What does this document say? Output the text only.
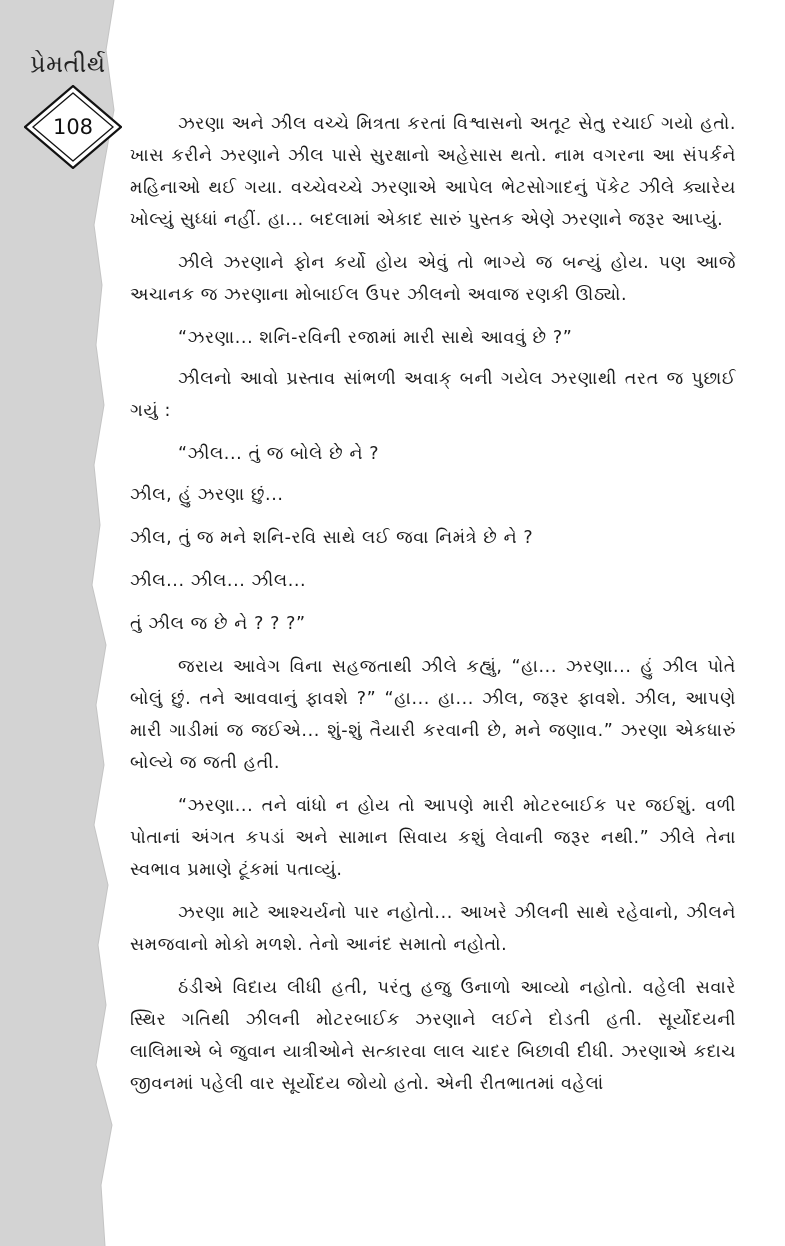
પ્રેમતીર્થ
108	ઝરણા અને ઝીલ વચ્ચે મિત્રતા કરતાં વિશ્વાસનો અતૂટ સેતુ રચાઈ ગયો હતો. ખાસ કરીને ઝરણાને ઝીલ પાસે સુરક્ષાનો અહેસાસ થતો. નામ વગરના આ સંપર્કને મહિનાઓ થઈ ગયા. વચ્ચેવચ્ચે ઝરણાએ આપેલ ભેટસોગાદનું પૅકેટ ઝીલે ક્યારેય ખોલ્યું સુધ્ધાં નહીં. હા... બદલામાં એકાદ સારું પુસ્તક એણે ઝરણાને જરૂર આપ્યું.

ઝીલે ઝરણાને ફોન કર્યો હોય એવું તો ભાગ્યે જ બન્યું હોય. પણ આજે અચાનક જ ઝરણાના મોબાઈલ ઉપર ઝીલનો અવાજ રણકી ઊઠ્યો.

“ઝરણા... શનિ-રવિની રજામાં મારી સાથે આવવું છે ?”

ઝીલનો આવો પ્રસ્તાવ સાંભળી અવાક્ બની ગયેલ ઝરણાથી તરત જ પુછાઈ ગયું :

“ઝીલ... તું જ બોલે છે ને ?

ઝીલ, હું ઝરણા છું...

ઝીલ, તું જ મને શનિ-રવિ સાથે લઈ જવા નિમંત્રે છે ને ?

ઝીલ... ઝીલ... ઝીલ...

તું ઝીલ જ છે ને ? ? ?”

જરાય આવેગ વિના સહજતાથી ઝીલે કહ્યું, “હા... ઝરણા... હું ઝીલ પોતે બોલું છું. તને આવવાનું ફાવશે ?” “હા... હા... ઝીલ, જરૂર ફાવશે. ઝીલ, આપણે મારી ગાડીમાં જ જઈએ... શું-શું તૈયારી કરવાની છે, મને જણાવ.” ઝરણા એકધારું બોલ્યે જ જતી હતી.

“ઝરણા... તને વાંધો ન હોય તો આપણે મારી મોટરબાઈક પર જઈશું. વળી પોતાનાં અંગત કપડાં અને સામાન સિવાય કશું લેવાની જરૂર નથી.” ઝીલે તેના સ્વભાવ પ્રમાણે ટૂંકમાં પતાવ્યું.

ઝરણા માટે આશ્ચર્યનો પાર નહોતો... આખરે ઝીલની સાથે રહેવાનો, ઝીલને સમજવાનો મોકો મળશે. તેનો આનંદ સમાતો નહોતો.

ઠંડીએ વિદાય લીધી હતી, પરંતુ હજુ ઉનાળો આવ્યો નહોતો. વહેલી સવારે સ્થિર ગતિથી ઝીલની મોટરબાઈક ઝરણાને લઈને દોડતી હતી. સૂર્યોદયની લાલિમાએ બે જુવાન યાત્રીઓને સત્કારવા લાલ ચાદર બિછાવી દીધી. ઝરણાએ કદાચ જીવનમાં પહેલી વાર સૂર્યોદય જોયો હતો. એની રીતભાતમાં વહેલાં
